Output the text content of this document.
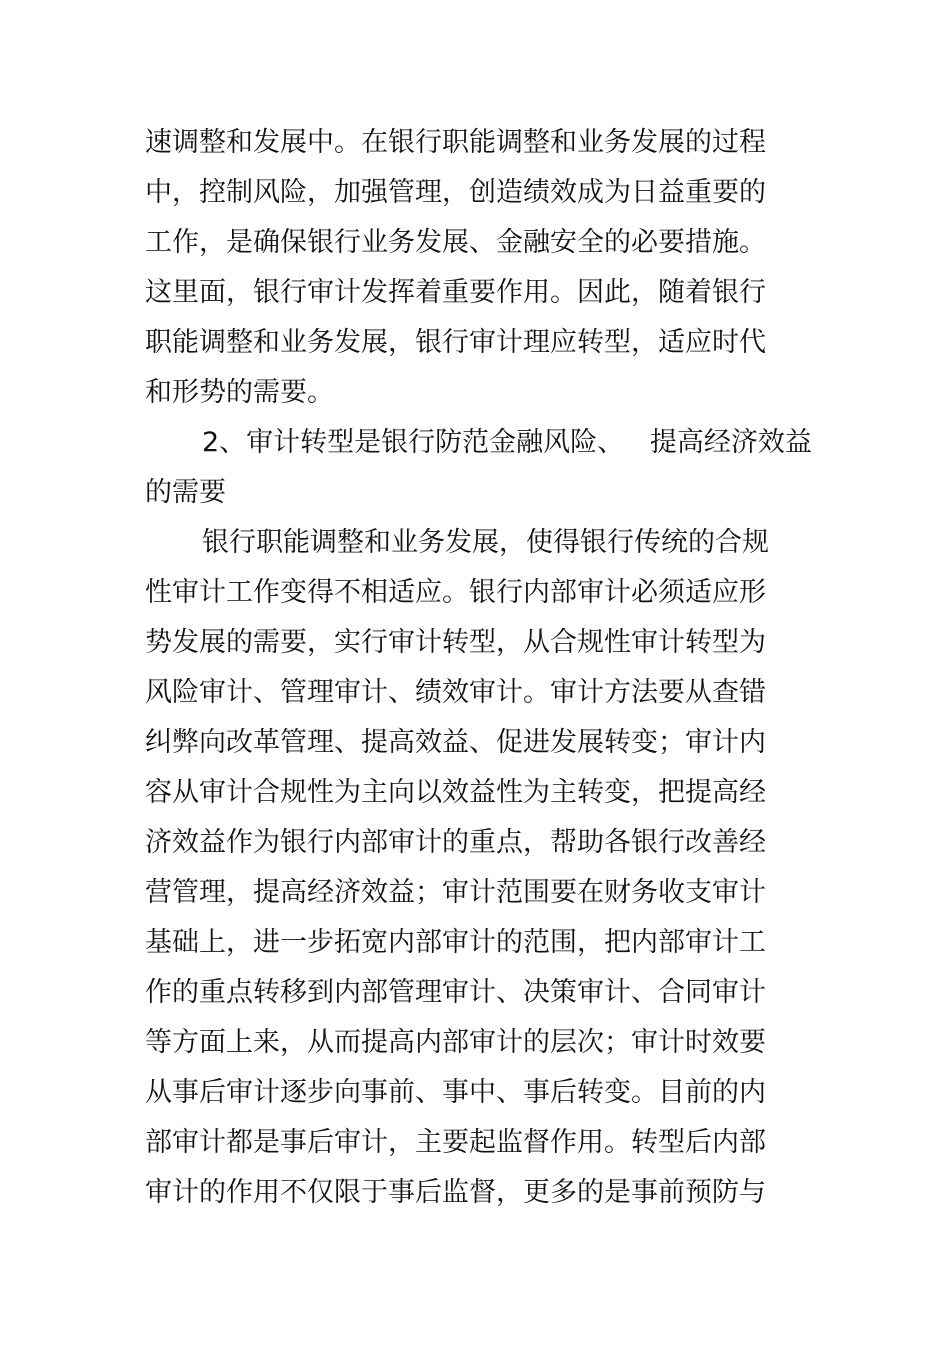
速调整和发展中。在银行职能调整和业务发展的过程
中，控制风险，加强管理，创造绩效成为日益重要的
工作，是确保银行业务发展、金融安全的必要措施。
这里面，银行审计发挥着重要作用。因此，随着银行
职能调整和业务发展，银行审计理应转型，适应时代
和形势的需要。
2、审计转型是银行防范金融风险、   提高经济效益
的需要
银行职能调整和业务发展，使得银行传统的合规
性审计工作变得不相适应。银行内部审计必须适应形
势发展的需要，实行审计转型，从合规性审计转型为
风险审计、管理审计、绩效审计。审计方法要从查错
纠弊向改革管理、提高效益、促进发展转变；审计内
容从审计合规性为主向以效益性为主转变，把提高经
济效益作为银行内部审计的重点，帮助各银行改善经
营管理，提高经济效益；审计范围要在财务收支审计
基础上，进一步拓宽内部审计的范围，把内部审计工
作的重点转移到内部管理审计、决策审计、合同审计
等方面上来，从而提高内部审计的层次；审计时效要
从事后审计逐步向事前、事中、事后转变。目前的内
部审计都是事后审计，主要起监督作用。转型后内部
审计的作用不仅限于事后监督，更多的是事前预防与
